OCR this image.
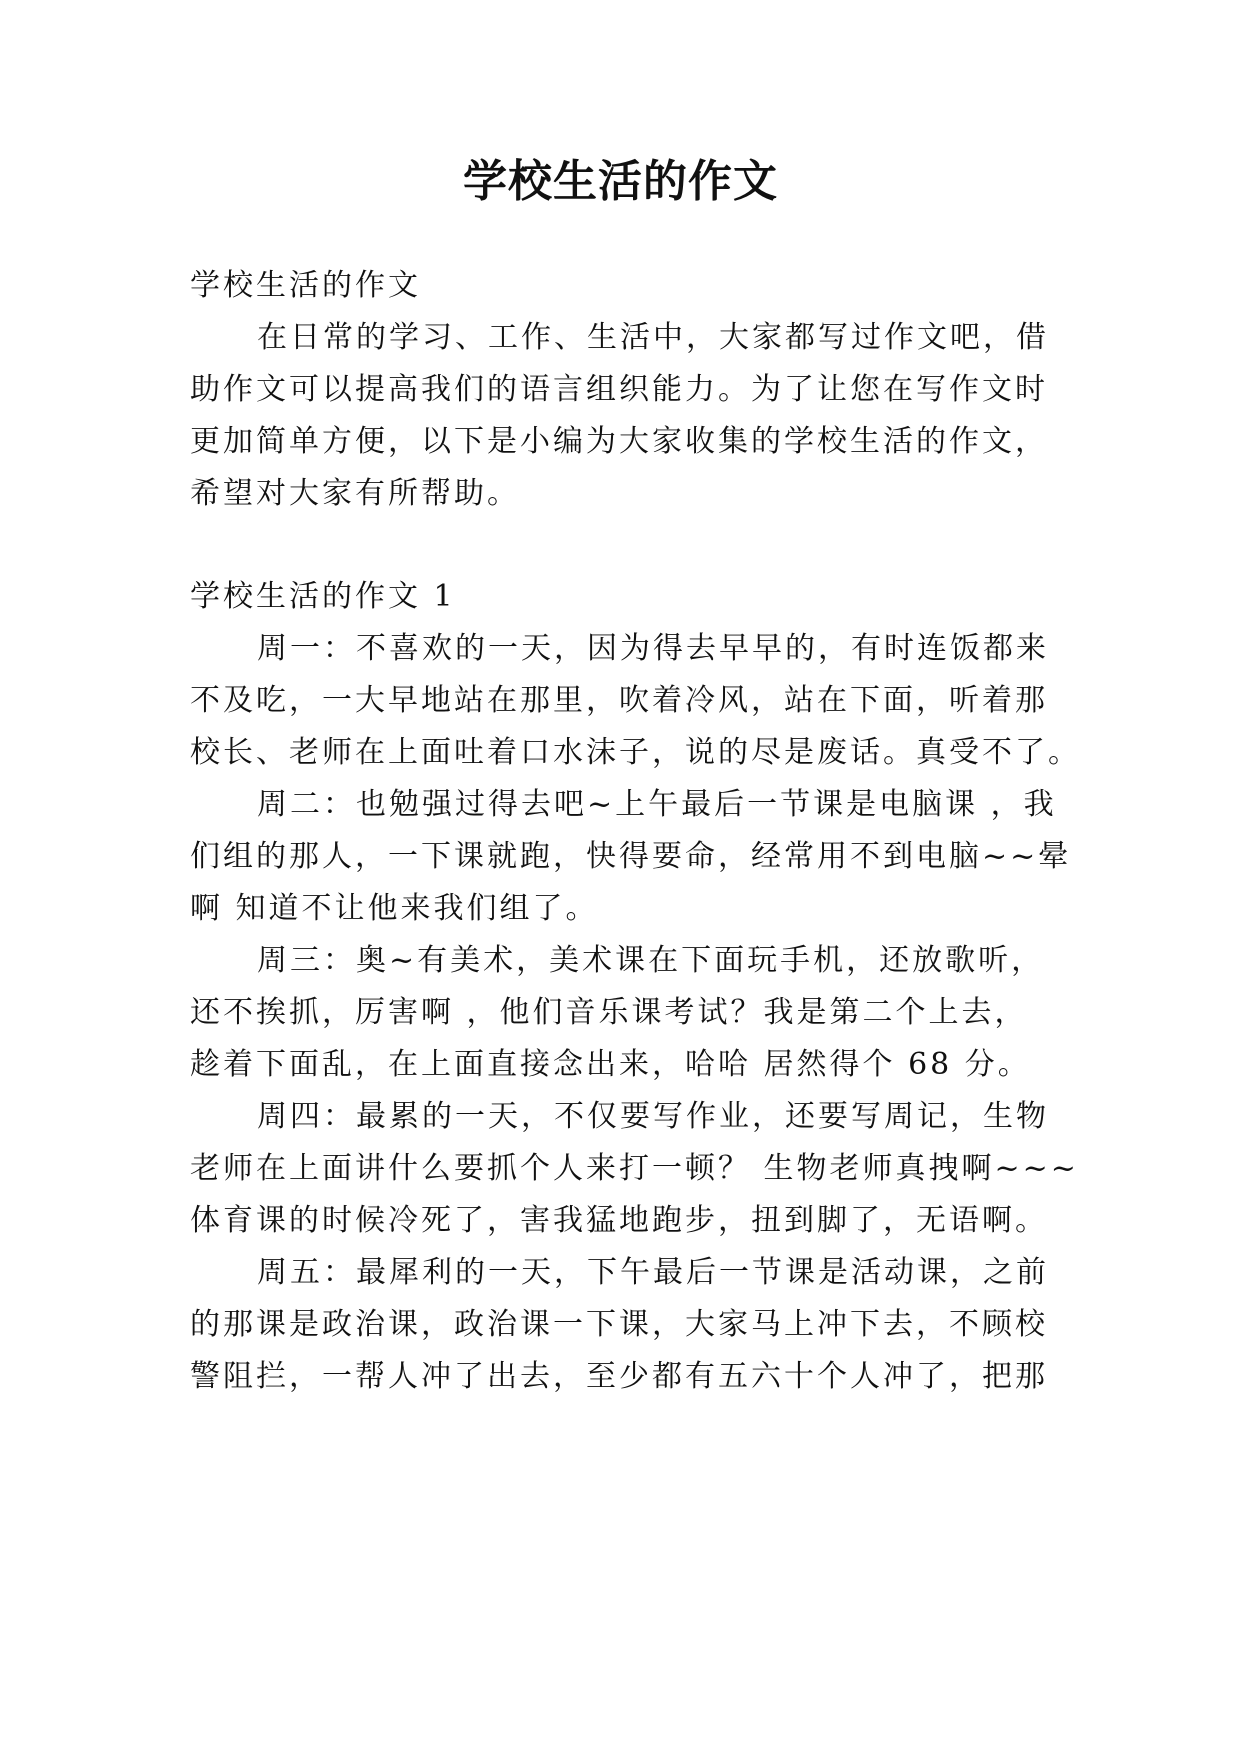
学校生活的作文
学校生活的作文
在日常的学习、工作、生活中，大家都写过作文吧，借
助作文可以提高我们的语言组织能力。为了让您在写作文时
更加简单方便，以下是小编为大家收集的学校生活的作文，
希望对大家有所帮助。
学校生活的作文 1
周一：不喜欢的一天，因为得去早早的，有时连饭都来
不及吃，一大早地站在那里，吹着冷风，站在下面，听着那
校长、老师在上面吐着口水沫子，说的尽是废话。真受不了。
周二：也勉强过得去吧~上午最后一节课是电脑课 ，我
们组的那人，一下课就跑，快得要命，经常用不到电脑~~晕
啊 知道不让他来我们组了。
周三：奥~有美术，美术课在下面玩手机，还放歌听，
还不挨抓，厉害啊 ，他们音乐课考试？我是第二个上去，
趁着下面乱，在上面直接念出来，哈哈 居然得个 68 分。
周四：最累的一天，不仅要写作业，还要写周记，生物
老师在上面讲什么要抓个人来打一顿？ 生物老师真拽啊~~~
体育课的时候冷死了，害我猛地跑步，扭到脚了，无语啊。
周五：最犀利的一天，下午最后一节课是活动课，之前
的那课是政治课，政治课一下课，大家马上冲下去，不顾校
警阻拦，一帮人冲了出去，至少都有五六十个人冲了，把那
